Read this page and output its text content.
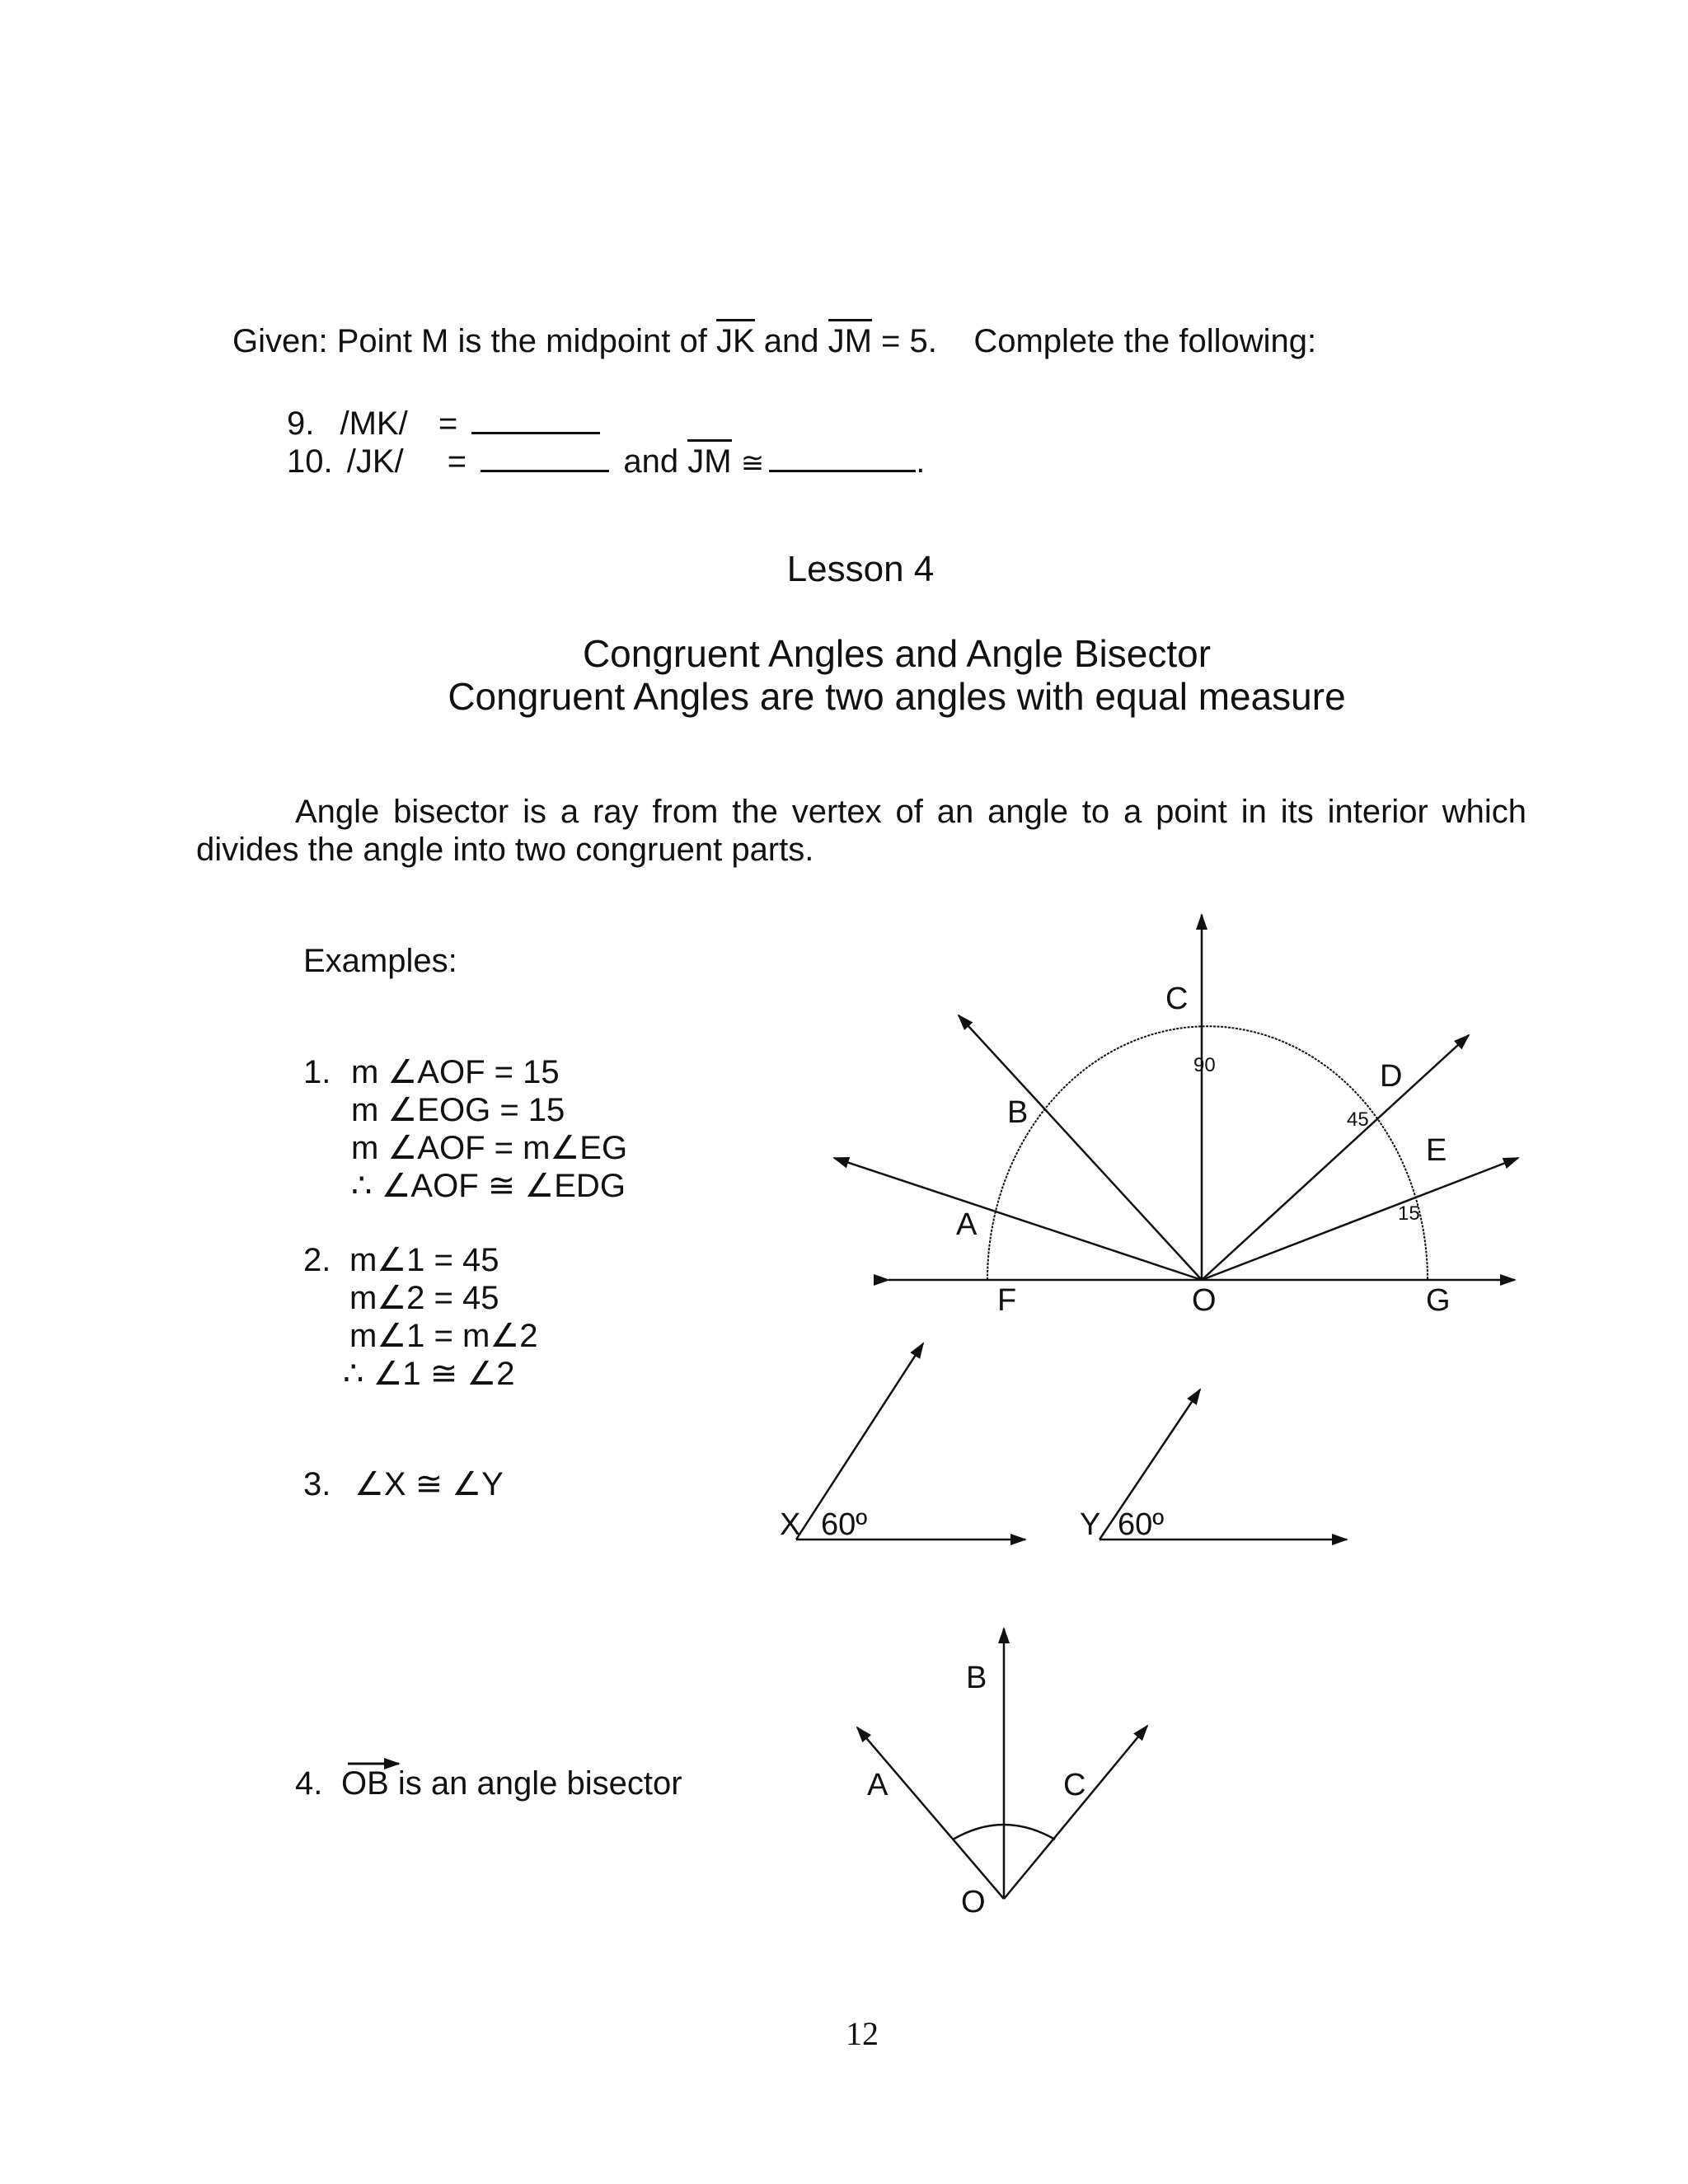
Given: Point M is the midpoint of JK and JM = 5.    Complete the following:
9. /MK/ =
10. /JK/ =	and JM ≅	.
Lesson 4
Congruent Angles and Angle Bisector
Congruent Angles are two angles with equal measure
Angle bisector is a ray from the vertex of an angle to a point in its interior which divides the angle into two congruent parts.
Examples:
1. m ∠AOF = 15
m ∠EOG = 15
m ∠AOF = m∠EG
∴ ∠AOF ≅ ∠EDG
2. m∠1 = 45
m∠2 = 45
m∠1 = m∠2
∴ ∠1 ≅ ∠2
3. ∠X ≅ ∠Y
4. OB is an angle bisector
C
90
B
D
45
E
15
A
F	O	G
X 60º	Y 60º
B
A	C
O
12
